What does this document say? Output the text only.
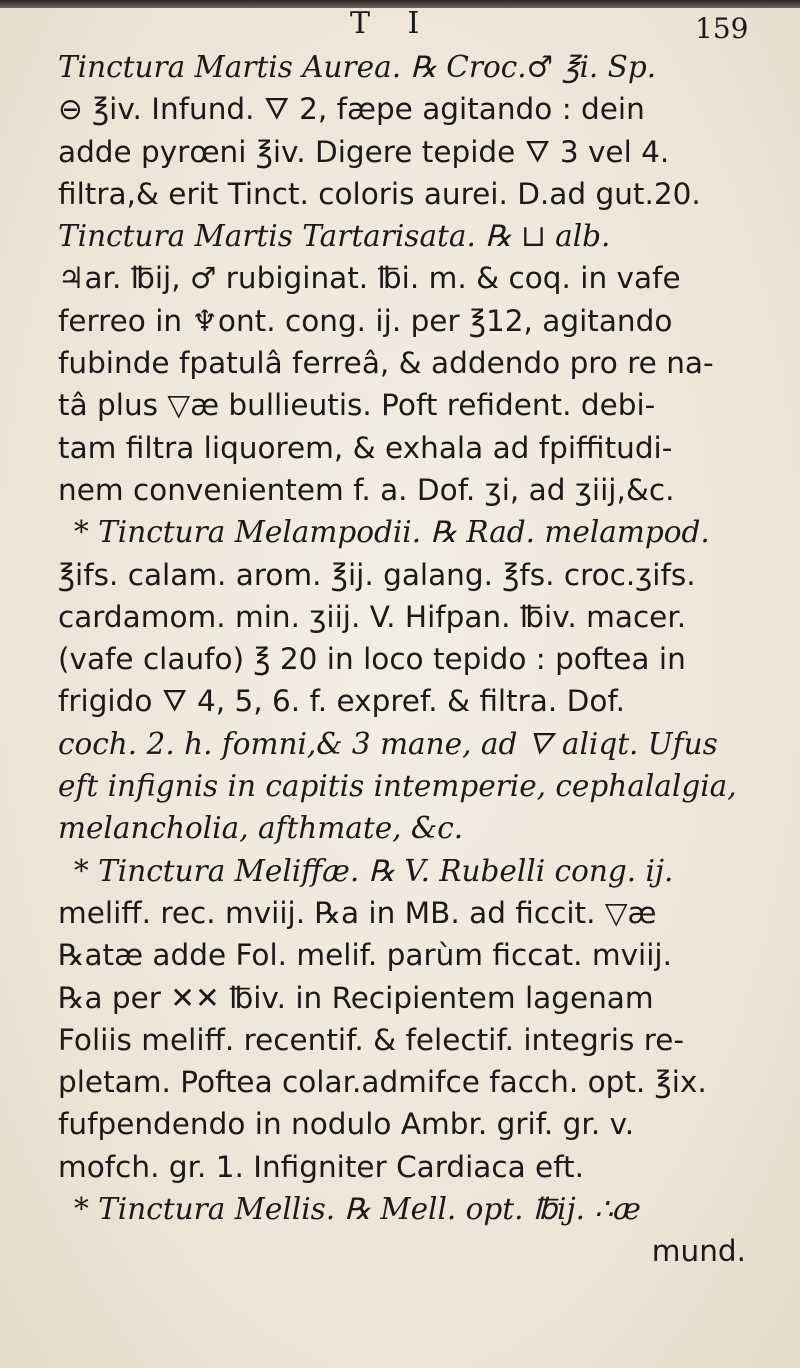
T I	159
Tinctura Martis Aurea. ℞ Croc.♂ ℥i. Sp.
⊖ ℥iv. Infund. 🜄 2, fæpe agitando : dein
adde pyrœni ℥iv. Digere tepide 🜄 3 vel 4.
filtra,& erit Tinct. coloris aurei. D.ad gut.20.
Tinctura Martis Tartarisata. ℞ ⊔ alb.
♃ar. ℔ij, ♂ rubiginat. ℔i. m. & coq. in vafe
ferreo in ♆ont. cong. ij. per ℥12, agitando
fubinde fpatulâ ferreâ, & addendo pro re na-
tâ plus ▽æ bullieutis. Poft refident. debi-
tam filtra liquorem, & exhala ad fpiffitudi-
nem convenientem f. a. Dof. ʒi, ad ʒiij,&c.
* Tinctura Melampodii. ℞ Rad. melampod.
℥ifs. calam. arom. ℥ij. galang. ℥fs. croc.ʒifs.
cardamom. min. ʒiij. V. Hifpan. ℔iv. macer.
(vafe claufo) ℥ 20 in loco tepido : poftea in
frigido 🜄 4, 5, 6. f. expref. & filtra. Dof.
coch. 2. h. fomni,& 3 mane, ad 🜄 aliqt. Ufus
eft infignis in capitis intemperie, cephalalgia,
melancholia, afthmate, &c.
* Tinctura Meliffæ. ℞ V. Rubelli cong. ij.
meliff. rec. mviij. ℞a in MB. ad ficcit. ▽æ
℞atæ adde Fol. melif. parùm ficcat. mviij.
℞a per ✕✕ ℔iv. in Recipientem lagenam
Foliis meliff. recentif. & felectif. integris re-
pletam. Poftea colar.admifce facch. opt. ℥ix.
fufpendendo in nodulo Ambr. grif. gr. v.
mofch. gr. 1. Infigniter Cardiaca eft.
* Tinctura Mellis. ℞ Mell. opt. ℔ij. ∴æ
mund.
